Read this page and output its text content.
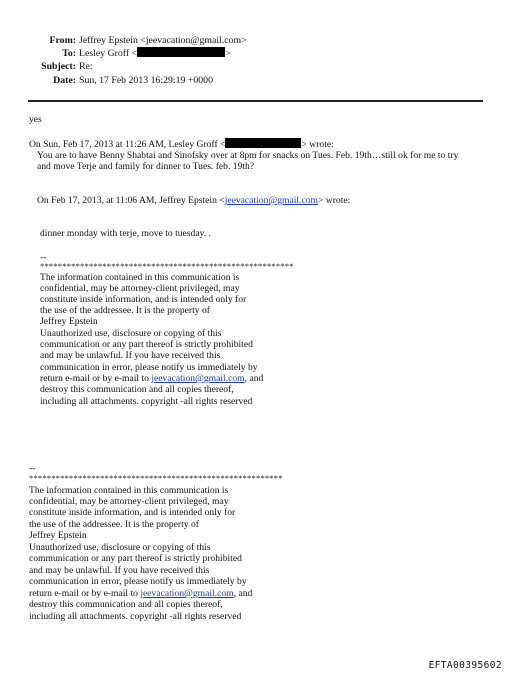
From: Jeffrey Epstein <jeevacation@gmail.com>
To: Lesley Groff <	>
Subject: Re:
Date: Sun, 17 Feb 2013 16:29:19 +0000
yes
On Sun, Feb 17, 2013 at 11:26 AM, Lesley Groff <	> wrote:
You are to have Benny Shabtai and Sinofsky over at 8pm for snacks on Tues. Feb. 19th…still ok for me to try
and move Terje and family for dinner to Tues. feb. 19th?
On Feb 17, 2013, at 11:06 AM, Jeffrey Epstein <jeevacation@gmail.com> wrote:
dinner monday with terje, move to tuesday. .
--
*********************************************************
The information contained in this communication is
confidential, may be attorney-client privileged, may
constitute inside information, and is intended only for
the use of the addressee. It is the property of
Jeffrey Epstein
Unauthorized use, disclosure or copying of this
communication or any part thereof is strictly prohibited
and may be unlawful. If you have received this
communication in error, please notify us immediately by
return e-mail or by e-mail to jeevacation@gmail.com, and
destroy this communication and all copies thereof,
including all attachments. copyright -all rights reserved
--
*********************************************************
The information contained in this communication is
confidential, may be attorney-client privileged, may
constitute inside information, and is intended only for
the use of the addressee. It is the property of
Jeffrey Epstein
Unauthorized use, disclosure or copying of this
communication or any part thereof is strictly prohibited
and may be unlawful. If you have received this
communication in error, please notify us immediately by
return e-mail or by e-mail to jeevacation@gmail.com, and
destroy this communication and all copies thereof,
including all attachments. copyright -all rights reserved
EFTA00395602
